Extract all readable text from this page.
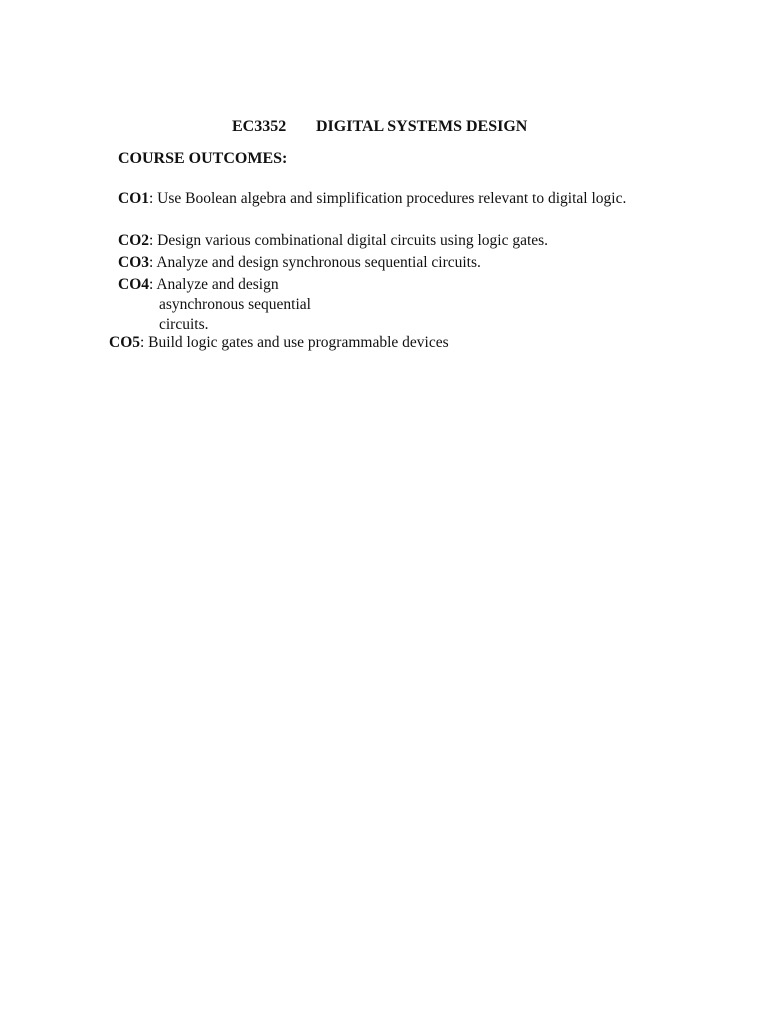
EC3352 DIGITAL SYSTEMS DESIGN
COURSE OUTCOMES:
CO1: Use Boolean algebra and simplification procedures relevant to digital logic.
CO2: Design various combinational digital circuits using logic gates.
CO3: Analyze and design synchronous sequential circuits.
CO4: Analyze and design
asynchronous sequential
circuits.
CO5: Build logic gates and use programmable devices
